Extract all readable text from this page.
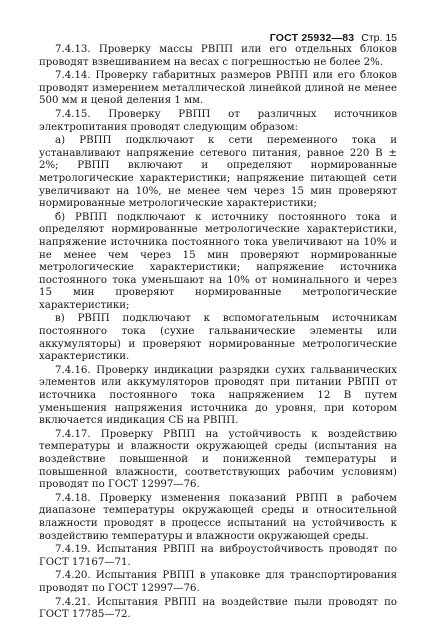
ГОСТ 25932—83 Стр. 15

7.4.13. Проверку массы РВПП или его отдельных блоков проводят взвешиванием на весах с погрешностью не более 2%.

7.4.14. Проверку габаритных размеров РВПП или его блоков проводят измерением металлической линейкой длиной не менее 500 мм и ценой деления 1 мм.

7.4.15. Проверку РВПП от различных источников электропитания проводят следующим образом:

а) РВПП подключают к сети переменного тока и устанавливают напряжение сетевого питания, равное 220 В ± 2%; РВПП включают и определяют нормированные метрологические характеристики; напряжение питающей сети увеличивают на 10%, не менее чем через 15 мин проверяют нормированные метрологические характеристики;

б) РВПП подключают к источнику постоянного тока и определяют нормированные метрологические характеристики, напряжение источника постоянного тока увеличивают на 10% и не менее чем через 15 мин проверяют нормированные метрологические характеристики; напряжение источника постоянного тока уменьшают на 10% от номинального и через 15 мин проверяют нормированные метрологические характеристики;

в) РВПП подключают к вспомогательным источникам постоянного тока (сухие гальванические элементы или аккумуляторы) и проверяют нормированные метрологические характеристики.

7.4.16. Проверку индикации разрядки сухих гальванических элементов или аккумуляторов проводят при питании РВПП от источника постоянного тока напряжением 12 В путем уменьшения напряжения источника до уровня, при котором включается индикация СБ на РВПП.

7.4.17. Проверку РВПП на устойчивость к воздействию температуры и влажности окружающей среды (испытания на воздействие повышенной и пониженной температуры и повышенной влажности, соответствующих рабочим условиям) проводят по ГОСТ 12997—76.

7.4.18. Проверку изменения показаний РВПП в рабочем диапазоне температуры окружающей среды и относительной влажности проводят в процессе испытаний на устойчивость к воздействию температуры и влажности окружающей среды.

7.4.19. Испытания РВПП на виброустойчивость проводят по ГОСТ 17167—71.

7.4.20. Испытания РВПП в упаковке для транспортирования проводят по ГОСТ 12997—76.

7.4.21. Испытания РВПП на воздействие пыли проводят по ГОСТ 17785—72.
